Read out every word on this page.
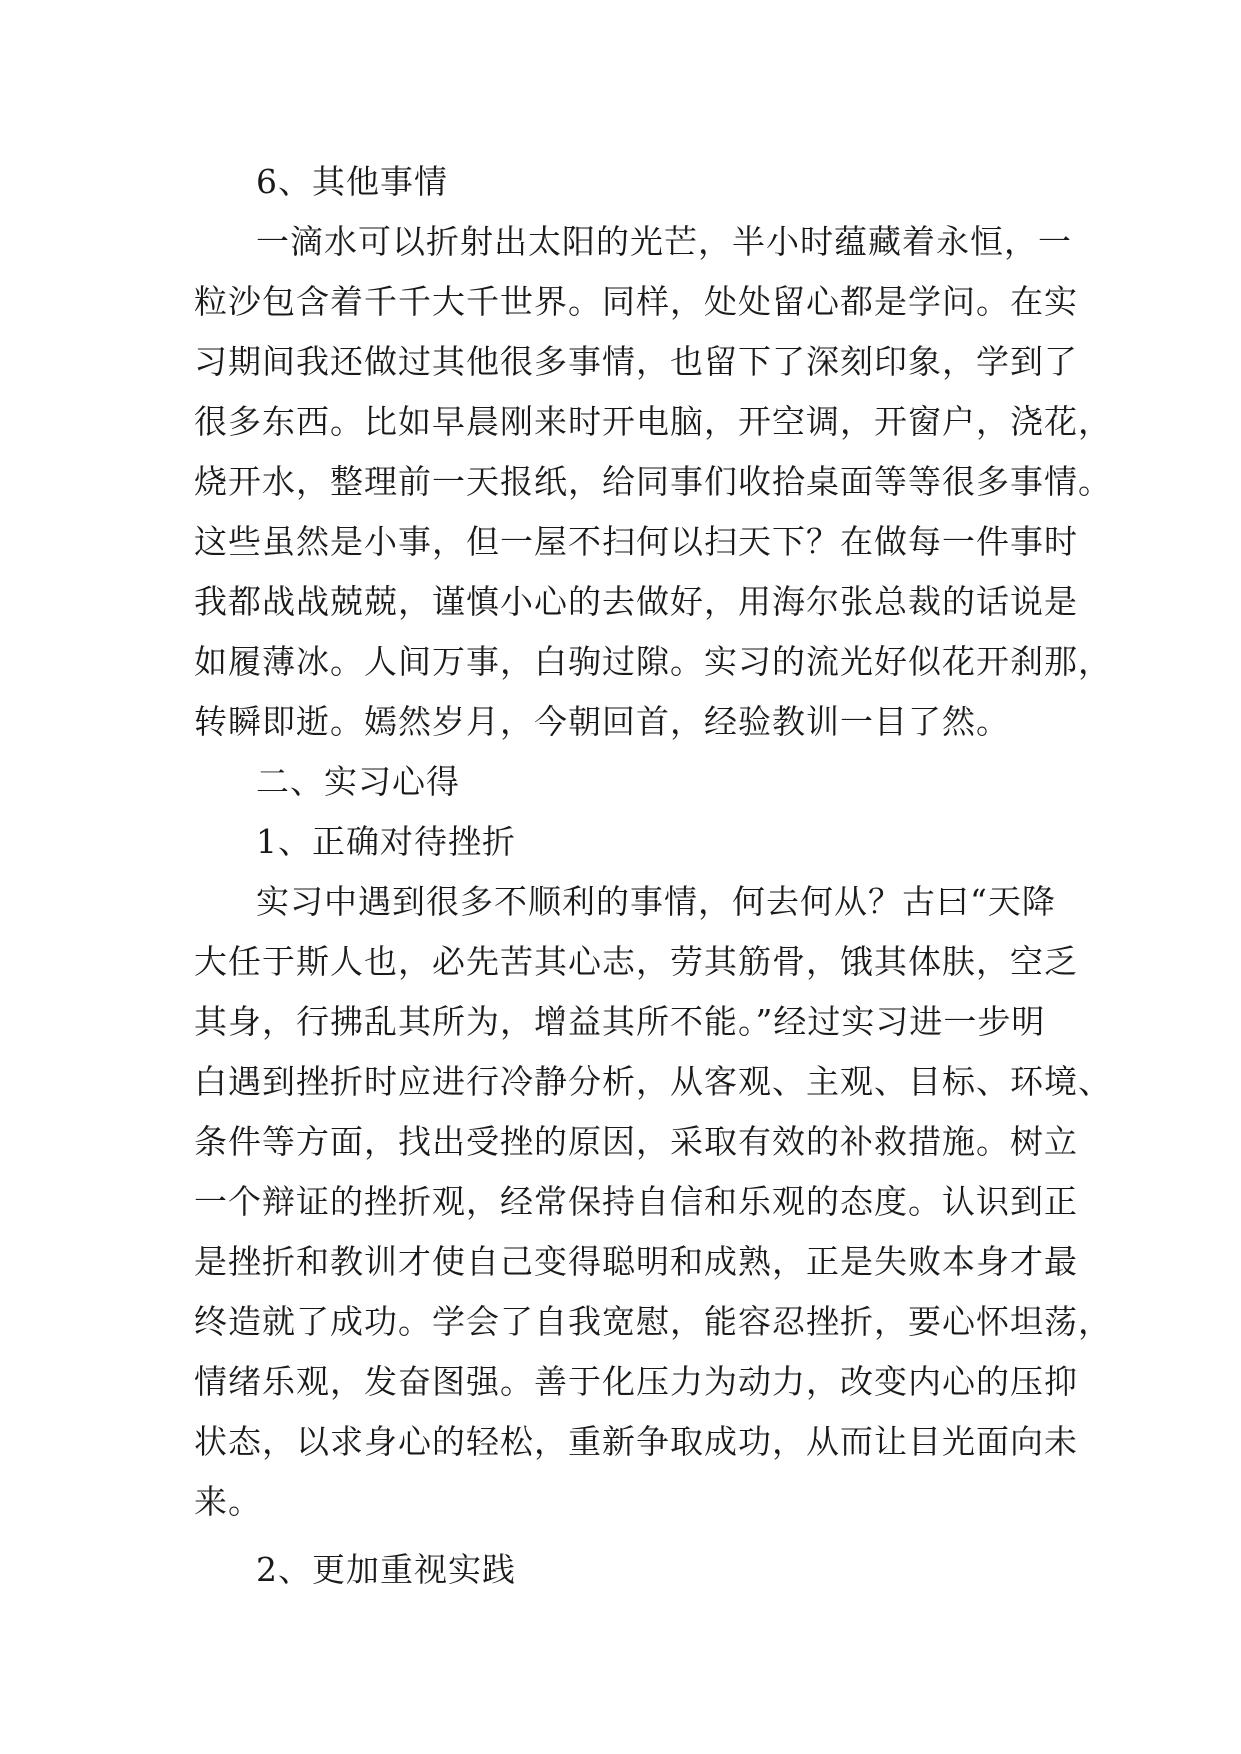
6、其他事情
一滴水可以折射出太阳的光芒，半小时蕴藏着永恒，一
粒沙包含着千千大千世界。同样，处处留心都是学问。在实
习期间我还做过其他很多事情，也留下了深刻印象，学到了
很多东西。比如早晨刚来时开电脑，开空调，开窗户，浇花，
烧开水，整理前一天报纸，给同事们收拾桌面等等很多事情。
这些虽然是小事，但一屋不扫何以扫天下？在做每一件事时
我都战战兢兢，谨慎小心的去做好，用海尔张总裁的话说是
如履薄冰。人间万事，白驹过隙。实习的流光好似花开刹那，
转瞬即逝。嫣然岁月，今朝回首，经验教训一目了然。
二、实习心得
1、正确对待挫折
实习中遇到很多不顺利的事情，何去何从？古曰“天降
大任于斯人也，必先苦其心志，劳其筋骨，饿其体肤，空乏
其身，行拂乱其所为，增益其所不能。”经过实习进一步明
白遇到挫折时应进行冷静分析，从客观、主观、目标、环境、
条件等方面，找出受挫的原因，采取有效的补救措施。树立
一个辩证的挫折观，经常保持自信和乐观的态度。认识到正
是挫折和教训才使自己变得聪明和成熟，正是失败本身才最
终造就了成功。学会了自我宽慰，能容忍挫折，要心怀坦荡，
情绪乐观，发奋图强。善于化压力为动力，改变内心的压抑
状态，以求身心的轻松，重新争取成功，从而让目光面向未
来。
2、更加重视实践
